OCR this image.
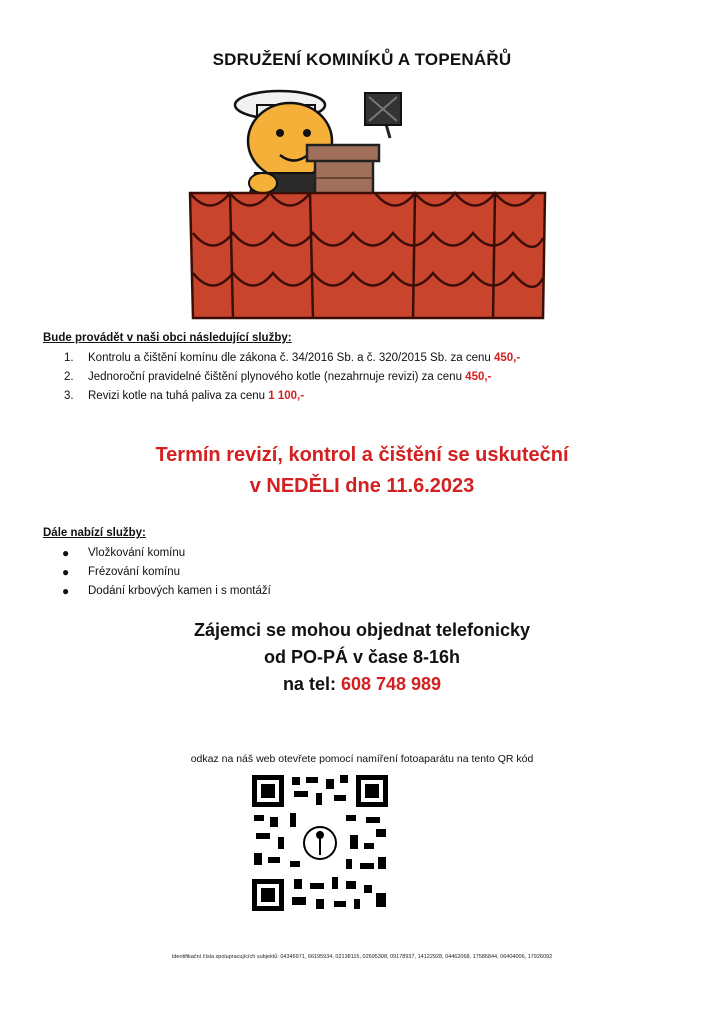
SDRUŽENÍ KOMINÍKŮ A TOPENÁŘŮ
Bude provádět v naši obci následující služby:
1.	Kontrolu a čištění komínu dle zákona č. 34/2016 Sb. a č. 320/2015 Sb. za cenu 450,-
2.	Jednoroční pravidelné čištění plynového kotle (nezahrnuje revizi) za cenu 450,-
3.	Revizi kotle na tuhá paliva za cenu 1 100,-
Termín revizí, kontrol a čištění se uskuteční
v NEDĚLI dne 11.6.2023
Dále nabízí služby:
●	Vložkování komínu
●	Frézování komínu
●	Dodání krbových kamen i s montáží
Zájemci se mohou objednat telefonicky
od PO-PÁ v čase 8-16h
na tel: 608 748 989
odkaz na náš web otevřete pomocí namíření fotoaparátu na tento QR kód
Identifikační čísla spolupracujících subjektů: 04346971, 66195934, 02138115, 02695308, 09178937, 14122928, 04462068, 17586844, 06404006, 17926092
